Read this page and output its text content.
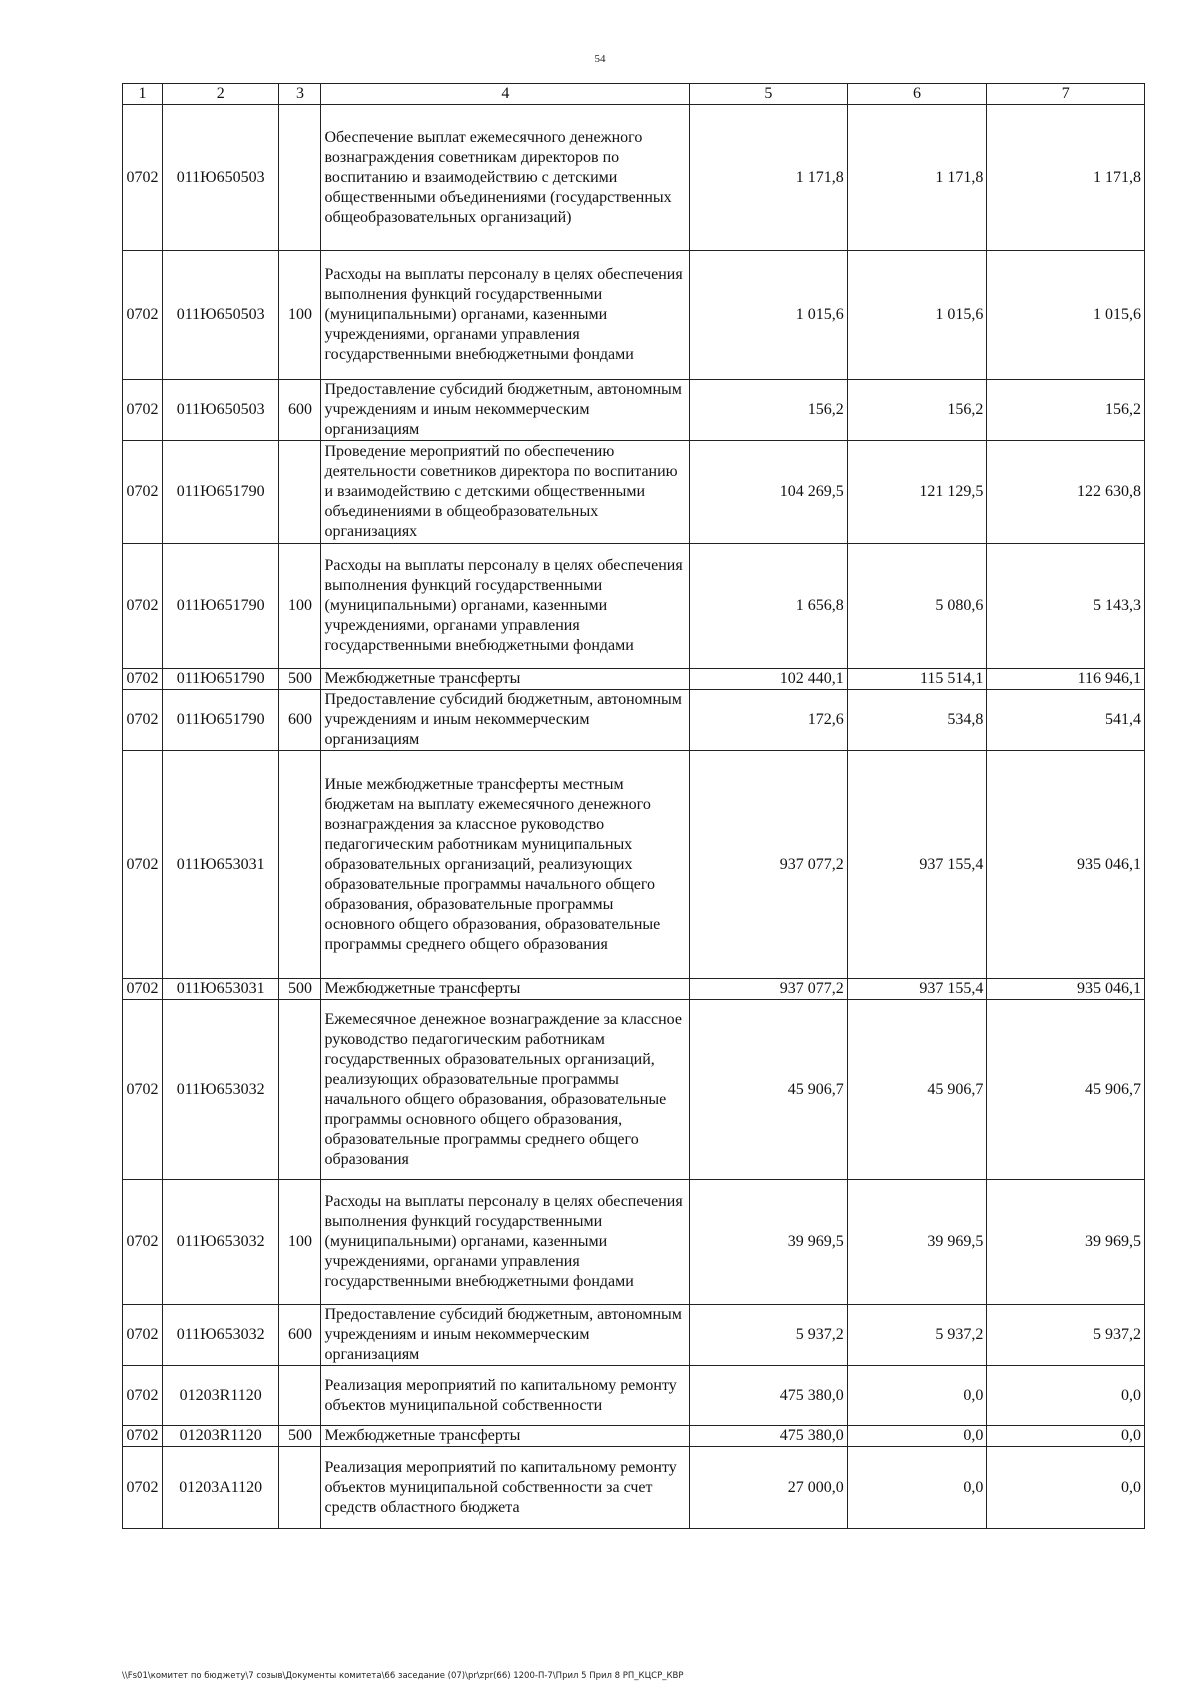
54
1	2	3	4	5	6	7
0702	011Ю650503		Обеспечение выплат ежемесячного денежного вознаграждения советникам директоров по воспитанию и взаимодействию с детскими общественными объединениями (государственных общеобразовательных организаций)	1 171,8	1 171,8	1 171,8
0702	011Ю650503	100	Расходы на выплаты персоналу в целях обеспечения выполнения функций государственными (муниципальными) органами, казенными учреждениями, органами управления государственными внебюджетными фондами	1 015,6	1 015,6	1 015,6
0702	011Ю650503	600	Предоставление субсидий бюджетным, автономным учреждениям и иным некоммерческим организациям	156,2	156,2	156,2
0702	011Ю651790		Проведение мероприятий по обеспечению деятельности советников директора по воспитанию и взаимодействию с детскими общественными объединениями в общеобразовательных организациях	104 269,5	121 129,5	122 630,8
0702	011Ю651790	100	Расходы на выплаты персоналу в целях обеспечения выполнения функций государственными (муниципальными) органами, казенными учреждениями, органами управления государственными внебюджетными фондами	1 656,8	5 080,6	5 143,3
0702	011Ю651790	500	Межбюджетные трансферты	102 440,1	115 514,1	116 946,1
0702	011Ю651790	600	Предоставление субсидий бюджетным, автономным учреждениям и иным некоммерческим организациям	172,6	534,8	541,4
0702	011Ю653031		Иные межбюджетные трансферты местным бюджетам на выплату ежемесячного денежного вознаграждения за классное руководство педагогическим работникам муниципальных образовательных организаций, реализующих образовательные программы начального общего образования, образовательные программы основного общего образования, образовательные программы среднего общего образования	937 077,2	937 155,4	935 046,1
0702	011Ю653031	500	Межбюджетные трансферты	937 077,2	937 155,4	935 046,1
0702	011Ю653032		Ежемесячное денежное вознаграждение за классное руководство педагогическим работникам государственных образовательных организаций, реализующих образовательные программы начального общего образования, образовательные программы основного общего образования, образовательные программы среднего общего образования	45 906,7	45 906,7	45 906,7
0702	011Ю653032	100	Расходы на выплаты персоналу в целях обеспечения выполнения функций государственными (муниципальными) органами, казенными учреждениями, органами управления государственными внебюджетными фондами	39 969,5	39 969,5	39 969,5
0702	011Ю653032	600	Предоставление субсидий бюджетным, автономным учреждениям и иным некоммерческим организациям	5 937,2	5 937,2	5 937,2
0702	01203R1120		Реализация мероприятий по капитальному ремонту объектов муниципальной собственности	475 380,0	0,0	0,0
0702	01203R1120	500	Межбюджетные трансферты	475 380,0	0,0	0,0
0702	01203A1120		Реализация мероприятий по капитальному ремонту объектов муниципальной собственности за счет средств областного бюджета	27 000,0	0,0	0,0
\\Fs01\комитет по бюджету\7 созыв\Документы комитета\66 заседание (07)\pr\zpr(66) 1200-П-7\Прил 5 Прил 8 РП_КЦСР_КВР
